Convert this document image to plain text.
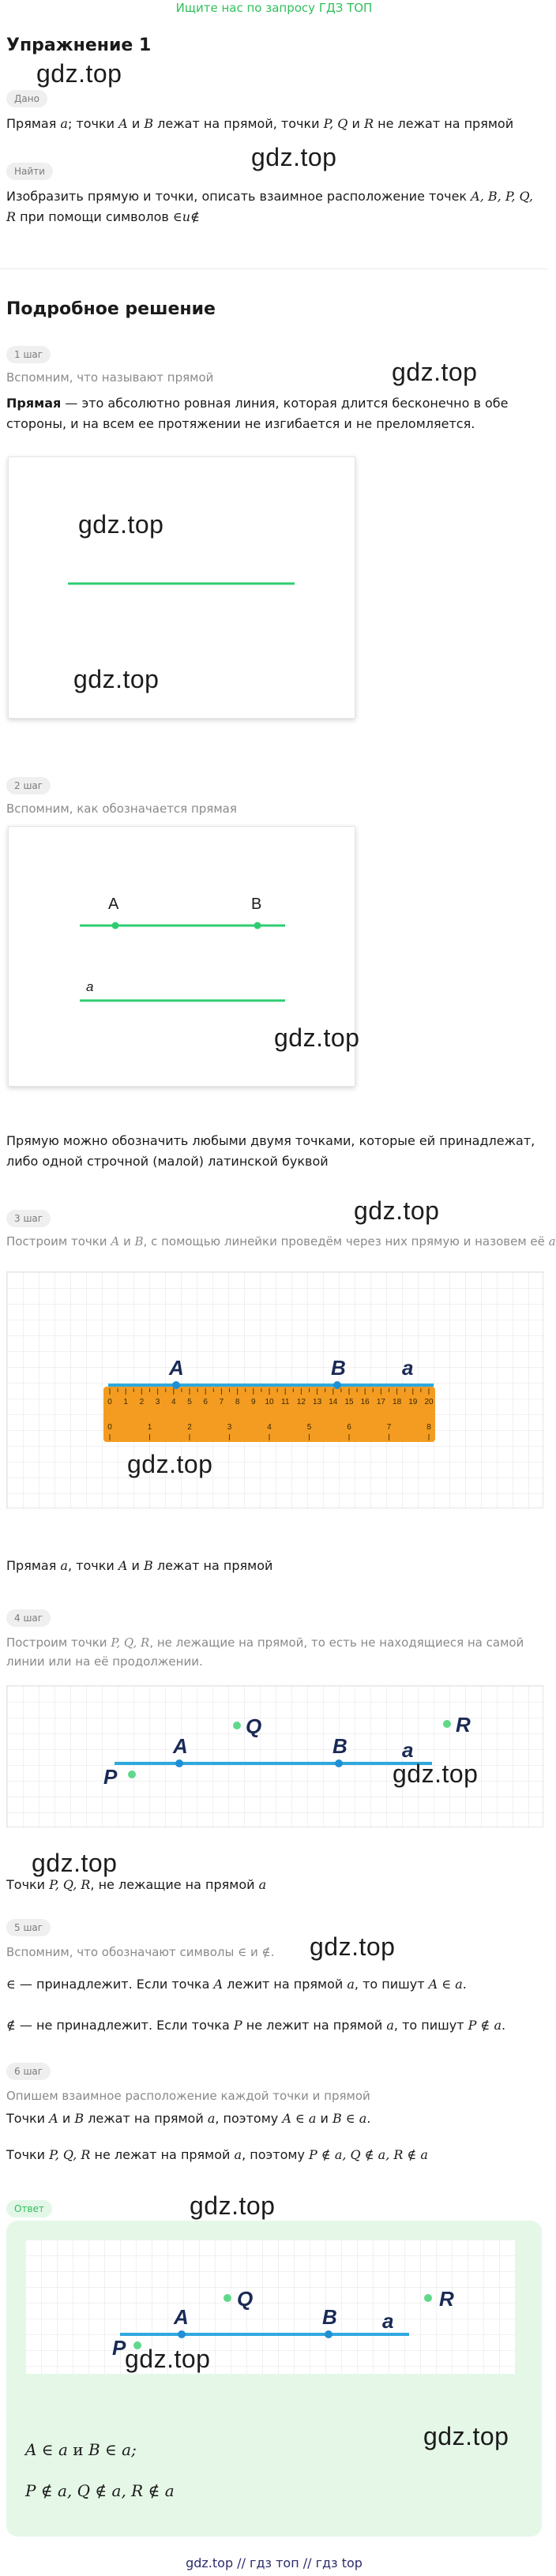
Ищите нас по запросу ГДЗ ТОП
Упражнение 1
gdz.top
Дано
Прямая a; точки A и B лежат на прямой, точки P, Q и R не лежат на прямой
gdz.top
Найти
Изобразить прямую и точки, описать взаимное расположение точек A, B, P, Q, R при помощи символов ∈и∉
Подробное решение
1 шаг
Вспомним, что называют прямой	gdz.top
Прямая — это абсолютно ровная линия, которая длится бесконечно в обе стороны, и на всем ее протяжении не изгибается и не преломляется.
gdz.top
gdz.top
2 шаг
Вспомним, как обозначается прямая
A	B
a
gdz.top
Прямую можно обозначить любыми двумя точками, которые ей принадлежат, либо одной строчной (малой) латинской буквой
3 шаг	gdz.top
Построим точки A и B, с помощью линейки проведём через них прямую и назовем её a
0 1 2 3 4 5 6 7 8 9 10 11 12 13 14 15 16 17 18 19 20
0	1	2	3	4	5	6	7	8
A	B	a
gdz.top
Прямая a, точки A и B лежат на прямой
4 шаг
Построим точки P, Q, R, не лежащие на прямой, то есть не находящиеся на самой линии или на её продолжении.
A	B	a
Q	R
P	gdz.top
gdz.top
Точки P, Q, R, не лежащие на прямой a
5 шаг
gdz.top
Вспомним, что обозначают символы ∈ и ∉.
∈ — принадлежит. Если точка A лежит на прямой a, то пишут A ∈ a.
∉ — не принадлежит. Если точка P не лежит на прямой a, то пишут P ∉ a.
6 шаг
Опишем взаимное расположение каждой точки и прямой
Точки A и B лежат на прямой a, поэтому A ∈ a и B ∈ a.
Точки P, Q, R не лежат на прямой a, поэтому P ∉ a, Q ∉ a, R ∉ a
Ответ	gdz.top
A	B a
Q	R
P
gdz.top
A ∈ a и B ∈ a;	gdz.top
P ∉ a, Q ∉ a, R ∉ a
gdz.top // гдз топ // гдз top
